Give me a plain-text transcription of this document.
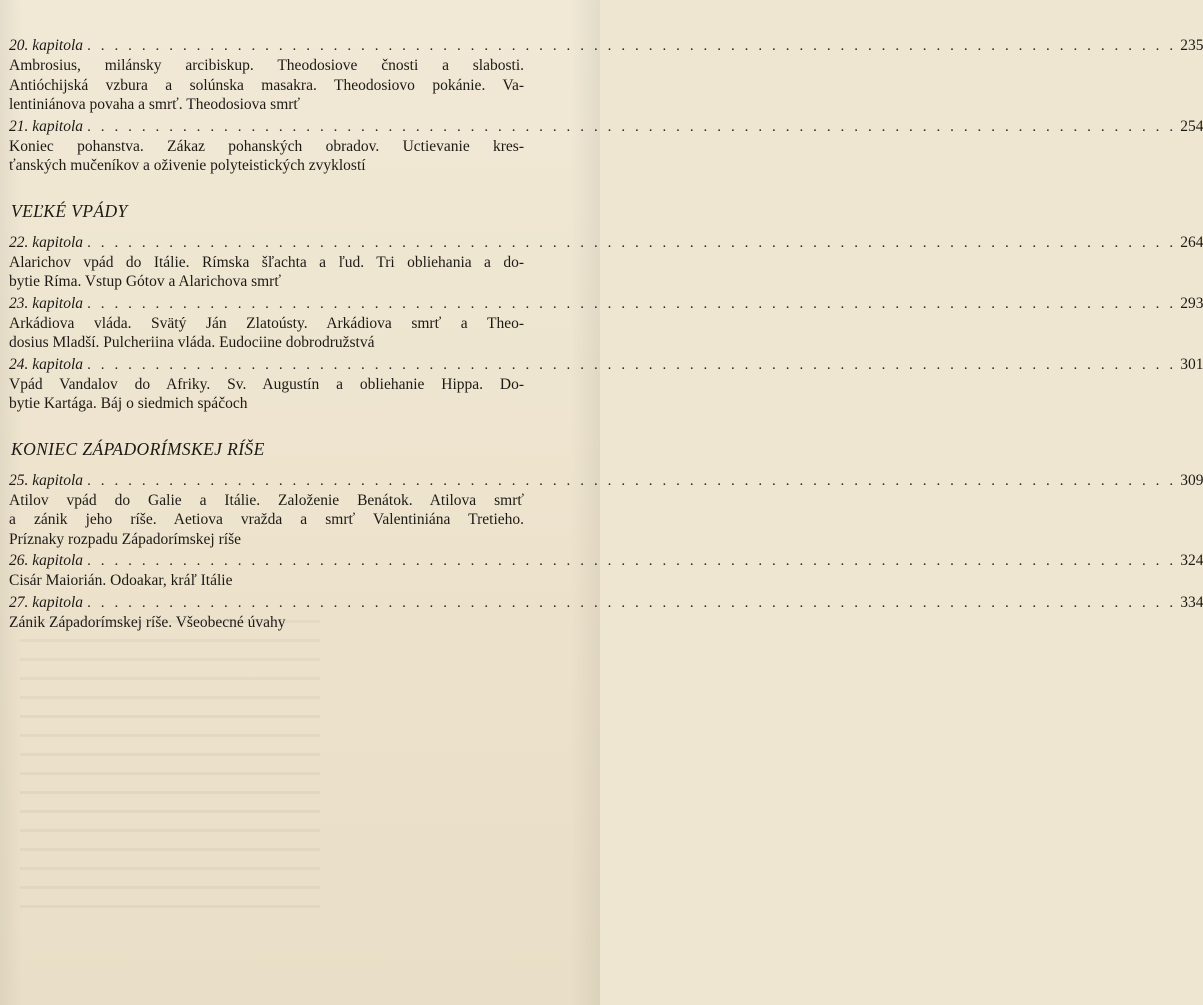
20. kapitola . . . . . . . . . . . . . . . . . . . . . . . . . . . . . . . . . . . . . . . . . . . . . . . . . . . . . . . . . . . . . . . . . . . . . . . . . . . . . . . . 235
Ambrosius, milánsky arcibiskup. Theodosiove čnosti a slabosti.
Antióchijská vzbura a solúnska masakra. Theodosiovo pokánie. Va-
lentiniánova povaha a smrť. Theodosiova smrť
21. kapitola . . . . . . . . . . . . . . . . . . . . . . . . . . . . . . . . . . . . . . . . . . . . . . . . . . . . . . . . . . . . . . . . . . . . . . . . . . . . . . . . 254
Koniec pohanstva. Zákaz pohanských obradov. Uctievanie kres-
ťanských mučeníkov a oživenie polyteistických zvyklostí
VEĽKÉ VPÁDY
22. kapitola . . . . . . . . . . . . . . . . . . . . . . . . . . . . . . . . . . . . . . . . . . . . . . . . . . . . . . . . . . . . . . . . . . . . . . . . . . . . . . . . 264
Alarichov vpád do Itálie. Rímska šľachta a ľud. Tri obliehania a do-
bytie Ríma. Vstup Gótov a Alarichova smrť
23. kapitola . . . . . . . . . . . . . . . . . . . . . . . . . . . . . . . . . . . . . . . . . . . . . . . . . . . . . . . . . . . . . . . . . . . . . . . . . . . . . . . . 293
Arkádiova vláda. Svätý Ján Zlatoústy. Arkádiova smrť a Theo-
dosius Mladší. Pulcheriina vláda. Eudociine dobrodružstvá
24. kapitola . . . . . . . . . . . . . . . . . . . . . . . . . . . . . . . . . . . . . . . . . . . . . . . . . . . . . . . . . . . . . . . . . . . . . . . . . . . . . . . . 301
Vpád Vandalov do Afriky. Sv. Augustín a obliehanie Hippa. Do-
bytie Kartága. Báj o siedmich spáčoch
KONIEC ZÁPADORÍMSKEJ RÍŠE
25. kapitola . . . . . . . . . . . . . . . . . . . . . . . . . . . . . . . . . . . . . . . . . . . . . . . . . . . . . . . . . . . . . . . . . . . . . . . . . . . . . . . . 309
Atilov vpád do Galie a Itálie. Založenie Benátok. Atilova smrť
a zánik jeho ríše. Aetiova vražda a smrť Valentiniána Tretieho.
Príznaky rozpadu Západorímskej ríše
26. kapitola . . . . . . . . . . . . . . . . . . . . . . . . . . . . . . . . . . . . . . . . . . . . . . . . . . . . . . . . . . . . . . . . . . . . . . . . . . . . . . . . 324
Cisár Maiorián. Odoakar, kráľ Itálie
27. kapitola . . . . . . . . . . . . . . . . . . . . . . . . . . . . . . . . . . . . . . . . . . . . . . . . . . . . . . . . . . . . . . . . . . . . . . . . . . . . . . . . 334
Zánik Západorímskej ríše. Všeobecné úvahy
